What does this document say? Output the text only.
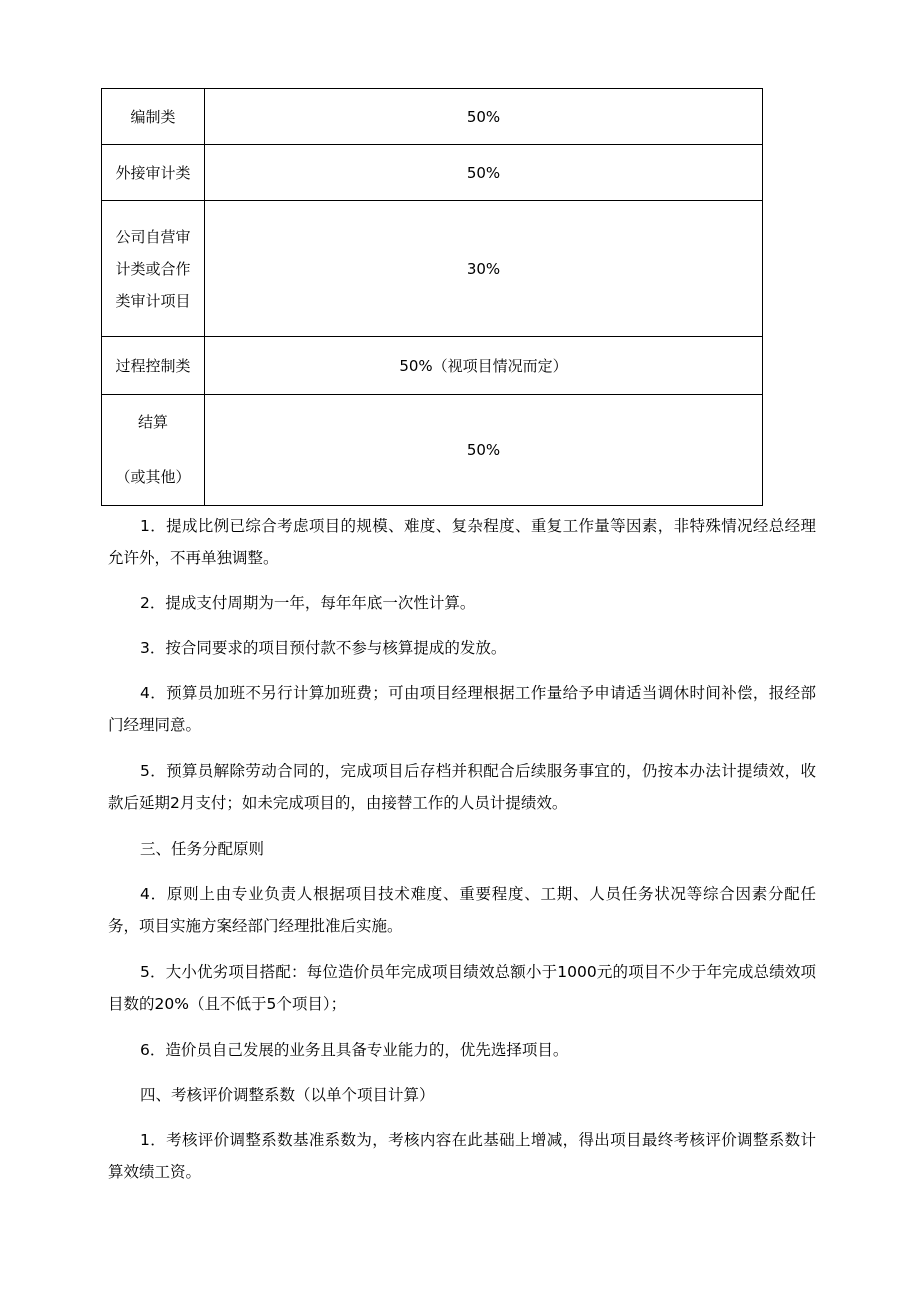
编制类	50%
外接审计类	50%

公司自营审
计类或合作
类审计项目	30%
过程控制类	50%（视项目情况而定）

结算
（或其他）	50%

1．提成比例已综合考虑项目的规模、难度、复杂程度、重复工作量等因素，非特殊情况经总经理允许外，不再单独调整。

2．提成支付周期为一年，每年年底一次性计算。

3．按合同要求的项目预付款不参与核算提成的发放。

4．预算员加班不另行计算加班费；可由项目经理根据工作量给予申请适当调休时间补偿，报经部门经理同意。

5．预算员解除劳动合同的，完成项目后存档并积配合后续服务事宜的，仍按本办法计提绩效，收款后延期2月支付；如未完成项目的，由接替工作的人员计提绩效。

三、任务分配原则

4．原则上由专业负责人根据项目技术难度、重要程度、工期、人员任务状况等综合因素分配任务，项目实施方案经部门经理批准后实施。

5．大小优劣项目搭配：每位造价员年完成项目绩效总额小于1000元的项目不少于年完成总绩效项目数的20%（且不低于5个项目）；

6．造价员自己发展的业务且具备专业能力的，优先选择项目。

四、考核评价调整系数（以单个项目计算）

1．考核评价调整系数基准系数为，考核内容在此基础上增减，得出项目最终考核评价调整系数计算效绩工资。
